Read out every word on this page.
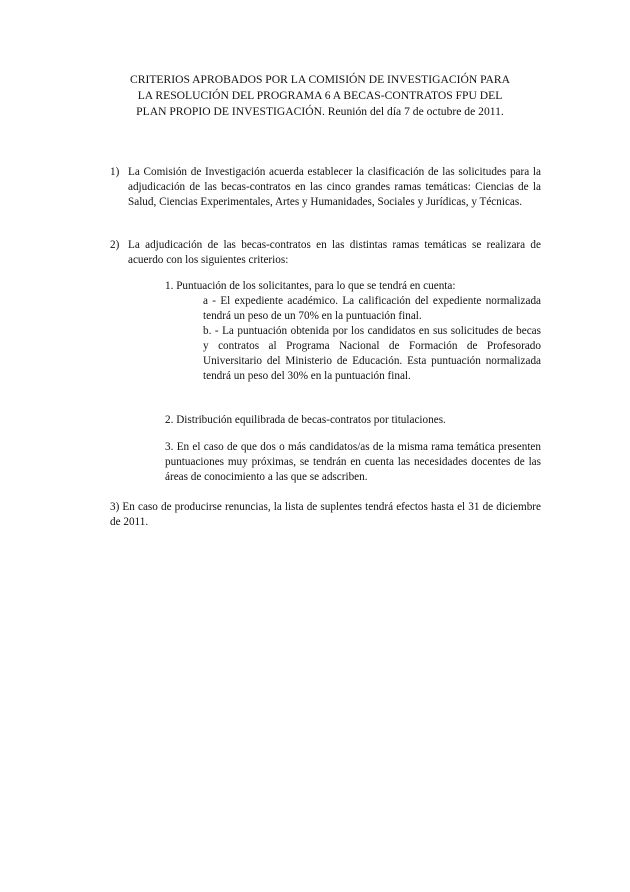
CRITERIOS APROBADOS POR LA COMISIÓN DE INVESTIGACIÓN PARA
LA RESOLUCIÓN DEL PROGRAMA 6 A BECAS-CONTRATOS FPU DEL
PLAN PROPIO DE INVESTIGACIÓN. Reunión del día 7 de octubre de 2011.
1) La Comisión de Investigación acuerda establecer la clasificación de las solicitudes para la adjudicación de las becas-contratos en las cinco grandes ramas temáticas: Ciencias de la Salud, Ciencias Experimentales, Artes y Humanidades, Sociales y Jurídicas, y Técnicas.
2) La adjudicación de las becas-contratos en las distintas ramas temáticas se realizara de acuerdo con los siguientes criterios:
1. Puntuación de los solicitantes, para lo que se tendrá en cuenta:
a - El expediente académico. La calificación del expediente normalizada tendrá un peso de un 70% en la puntuación final.
b. - La puntuación obtenida por los candidatos en sus solicitudes de becas y contratos al Programa Nacional de Formación de Profesorado Universitario del Ministerio de Educación. Esta puntuación normalizada tendrá un peso del 30% en la puntuación final.
2. Distribución equilibrada de becas-contratos por titulaciones.
3. En el caso de que dos o más candidatos/as de la misma rama temática presenten puntuaciones muy próximas, se tendrán en cuenta las necesidades docentes de las áreas de conocimiento a las que se adscriben.
3) En caso de producirse renuncias, la lista de suplentes tendrá efectos hasta el 31 de diciembre de 2011.
